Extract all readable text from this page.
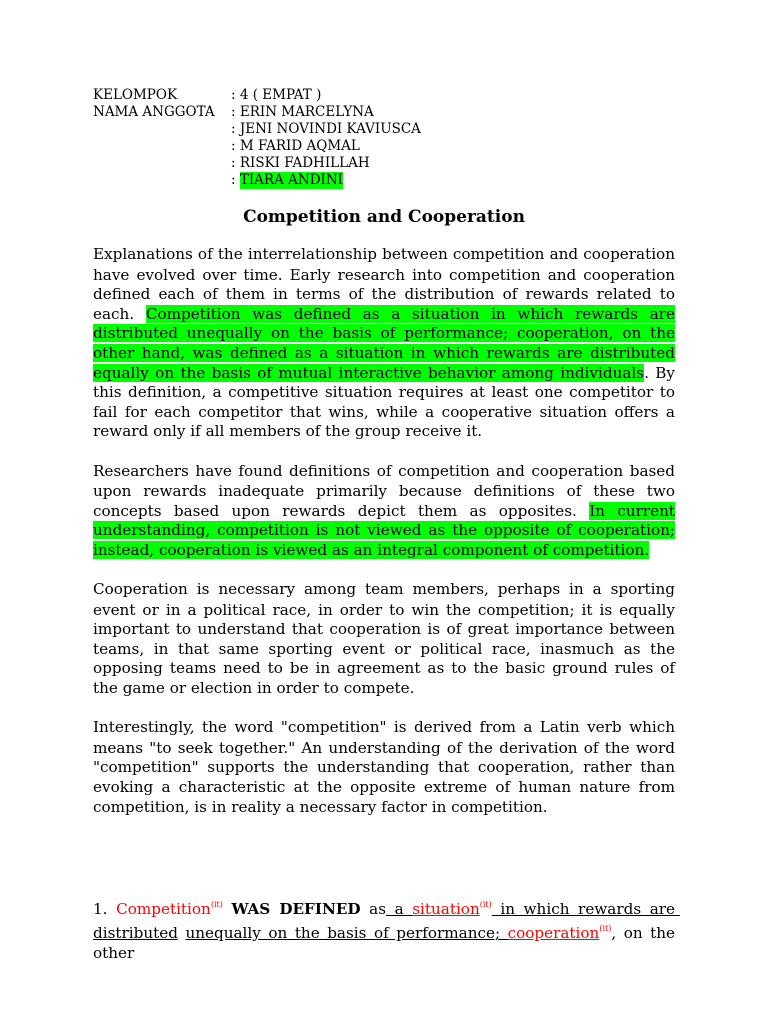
KELOMPOK	: 4 ( EMPAT )
NAMA ANGGOTA	: ERIN MARCELYNA
: JENI NOVINDI KAVIUSCA
: M FARID AQMAL
: RISKI FADHILLAH
: TIARA ANDINI
Competition and Cooperation

Explanations of the interrelationship between competition and cooperation have evolved over time. Early research into competition and cooperation defined each of them in terms of the distribution of rewards related to each. Competition was defined as a situation in which rewards are distributed unequally on the basis of performance; cooperation, on the other hand, was defined as a situation in which rewards are distributed equally on the basis of mutual interactive behavior among individuals. By this definition, a competitive situation requires at least one competitor to fail for each competitor that wins, while a cooperative situation offers a reward only if all members of the group receive it.

Researchers have found definitions of competition and cooperation based upon rewards inadequate primarily because definitions of these two concepts based upon rewards depict them as opposites. In current understanding, competition is not viewed as the opposite of cooperation; instead, cooperation is viewed as an integral component of competition.

Cooperation is necessary among team members, perhaps in a sporting event or in a political race, in order to win the competition; it is equally important to understand that cooperation is of great importance between teams, in that same sporting event or political race, inasmuch as the opposing teams need to be in agreement as to the basic ground rules of the game or election in order to compete.

Interestingly, the word "competition" is derived from a Latin verb which means "to seek together." An understanding of the derivation of the word "competition" supports the understanding that cooperation, rather than evoking a characteristic at the opposite extreme of human nature from competition, is in reality a necessary factor in competition.

1. Competition$^{(it)}$ WAS DEFINED as a situation$^{(it)}$ in which rewards are distributed unequally on the basis of performance; cooperation$^{(it)}$, on the other
